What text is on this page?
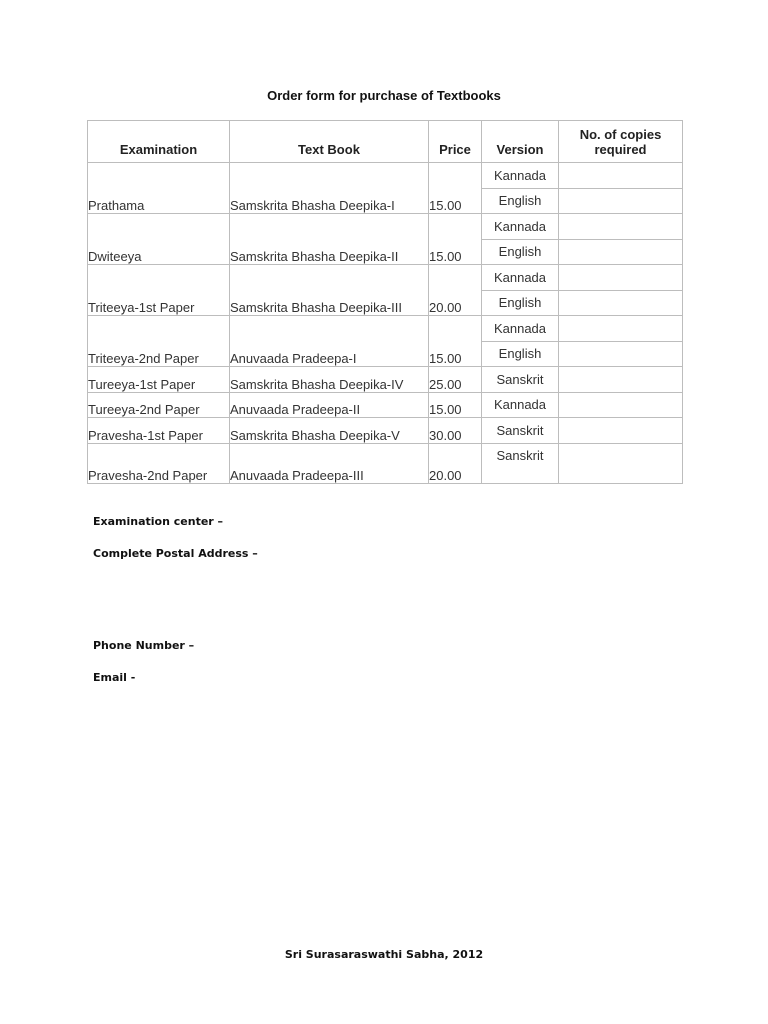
Order form for purchase of Textbooks
Examination	Text Book	Price	Version	No. of copies required
Prathama	Samskrita Bhasha Deepika-I	15.00	Kannada	
			English	
Dwiteeya	Samskrita Bhasha Deepika-II	15.00	Kannada	
			English	
Triteeya-1st Paper	Samskrita Bhasha Deepika-III	20.00	Kannada	
			English	
Triteeya-2nd Paper	Anuvaada Pradeepa-I	15.00	Kannada	
			English	
Tureeya-1st Paper	Samskrita Bhasha Deepika-IV	25.00	Sanskrit	
Tureeya-2nd Paper	Anuvaada Pradeepa-II	15.00	Kannada	
Pravesha-1st Paper	Samskrita Bhasha Deepika-V	30.00	Sanskrit	
Pravesha-2nd Paper	Anuvaada Pradeepa-III	20.00	Sanskrit	
Examination center –
Complete Postal Address –
Phone Number –
Email -
Sri Surasaraswathi Sabha, 2012
